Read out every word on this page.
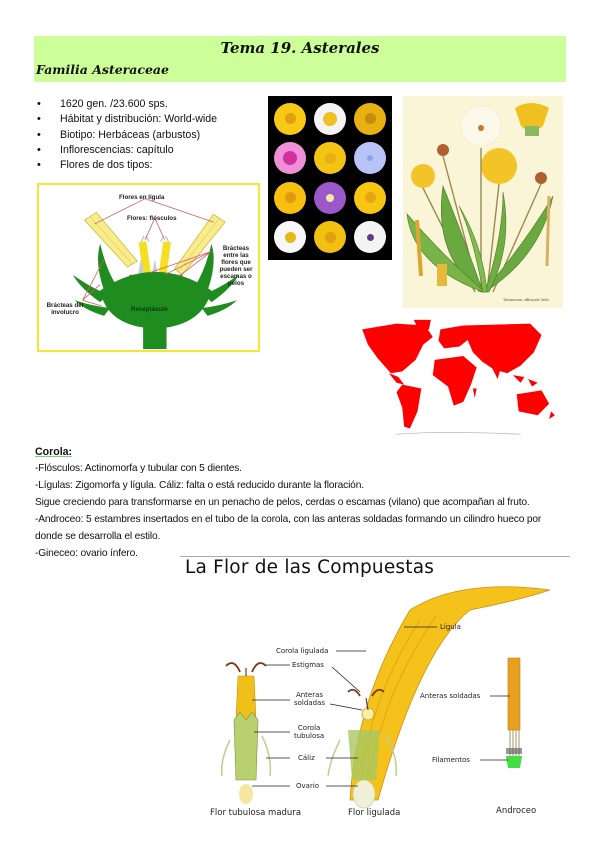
Tema 19. Asterales
Familia Asteraceae
• 1620 gen. /23.600 sps.
• Hábitat y distribución: World-wide
• Biotipo: Herbáceas (arbustos)
• Inflorescencias: capítulo
• Flores de dos tipos:
Flores en lígula
Flores: flósculos
Brácteas
entre las
flores que
pueden ser
escamas o
pelos
Brácteas del
involucro	Receptáculo
Taraxacum officinale Web.
Corola:
-Flósculos: Actinomorfa y tubular con 5 dientes.
-Lígulas: Zigomorfa y lígula. Cáliz: falta o está reducido durante la floración.
Sigue creciendo para transformarse en un penacho de pelos, cerdas o escamas (vilano) que acompañan al fruto.
-Androceo: 5 estambres insertados en el tubo de la corola, con las anteras soldadas formando un cilindro hueco por donde se desarrolla el estilo.
-Gineceo: ovario ínfero.
La Flor de las Compuestas
Lígula
Corola ligulada
Estigmas
Anteras
soldadas
Corola
tubulosa
Cáliz
Ovario
Anteras soldadas
Filamentos
Flor tubulosa madura	Flor ligulada	Androceo
